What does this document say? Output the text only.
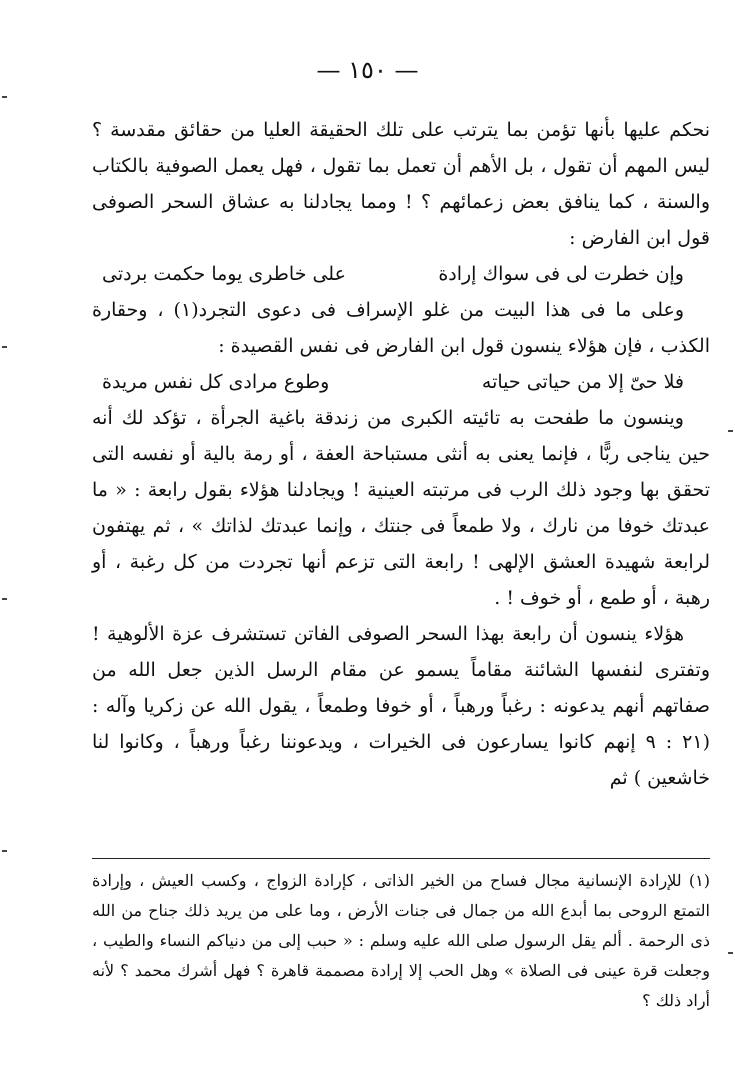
— ١٥٠ —

نحكم عليها بأنها تؤمن بما يترتب على تلك الحقيقة العليا من حقائق مقدسة ؟ ليس المهم أن تقول ، بل الأهم أن تعمل بما تقول ، فهل يعمل الصوفية بالكتاب والسنة ، كما ينافق بعض زعمائهم ؟ ! ومما يجادلنا به عشاق السحر الصوفى قول ابن الفارض :

وإن خطرت لى فى سواك إرادة
على خاطرى يوما حكمت بردتى

وعلى ما فى هذا البيت من غلو الإسراف فى دعوى التجرد(١) ، وحقارة الكذب ، فإن هؤلاء ينسون قول ابن الفارض فى نفس القصيدة :

فلا حىّ إلا من حياتى حياته
وطوع مرادى كل نفس مريدة

وينسون ما طفحت به تائيته الكبرى من زندقة باغية الجرأة ، تؤكد لك أنه حين يناجى ربًّا ، فإنما يعنى به أنثى مستباحة العفة ، أو رمة بالية أو نفسه التى تحقق بها وجود ذلك الرب فى مرتبته العينية ! ويجادلنا هؤلاء بقول رابعة : « ما عبدتك خوفا من نارك ، ولا طمعاً فى جنتك ، وإنما عبدتك لذاتك » ، ثم يهتفون لرابعة شهيدة العشق الإلهى ! رابعة التى تزعم أنها تجردت من كل رغبة ، أو رهبة ، أو طمع ، أو خوف ! .

هؤلاء ينسون أن رابعة بهذا السحر الصوفى الفاتن تستشرف عزة الألوهية ! وتفترى لنفسها الشائنة مقاماً يسمو عن مقام الرسل الذين جعل الله من صفاتهم أنهم يدعونه : رغباً ورهباً ، أو خوفا وطمعاً ، يقول الله عن زكريا وآله : (٢١ : ٩ إنهم كانوا يسارعون فى الخيرات ، ويدعوننا رغباً ورهباً ، وكانوا لنا خاشعين ) ثم

(١) للإرادة الإنسانية مجال فساح من الخير الذاتى ، كإرادة الزواج ، وكسب العيش ، وإرادة التمتع الروحى بما أبدع الله من جمال فى جنات الأرض ، وما على من يريد ذلك جناح من الله ذى الرحمة . ألم يقل الرسول صلى الله عليه وسلم : « حبب إلى من دنياكم النساء والطيب ، وجعلت قرة عينى فى الصلاة » وهل الحب إلا إرادة مصممة قاهرة ؟ فهل أشرك محمد ؟ لأنه أراد ذلك ؟
